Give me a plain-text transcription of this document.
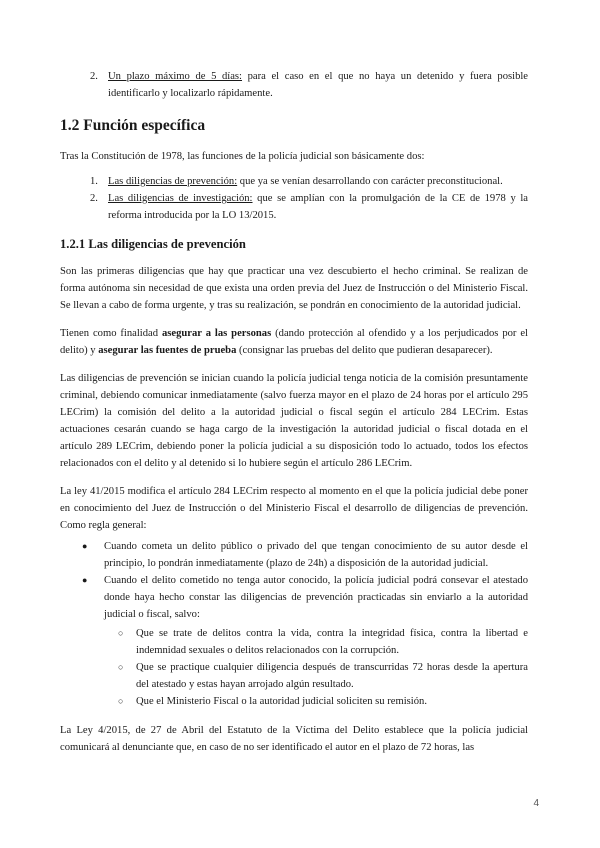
2. Un plazo máximo de 5 días: para el caso en el que no haya un detenido y fuera posible identificarlo y localizarlo rápidamente.

1.2 Función específica

Tras la Constitución de 1978, las funciones de la policía judicial son básicamente dos:

1. Las diligencias de prevención: que ya se venían desarrollando con carácter preconstitucional.

2. Las diligencias de investigación: que se amplían con la promulgación de la CE de 1978 y la reforma introducida por la LO 13/2015.

1.2.1 Las diligencias de prevención

Son las primeras diligencias que hay que practicar una vez descubierto el hecho criminal. Se realizan de forma autónoma sin necesidad de que exista una orden previa del Juez de Instrucción o del Ministerio Fiscal. Se llevan a cabo de forma urgente, y tras su realización, se pondrán en conocimiento de la autoridad judicial.

Tienen como finalidad asegurar a las personas (dando protección al ofendido y a los perjudicados por el delito) y asegurar las fuentes de prueba (consignar las pruebas del delito que pudieran desaparecer).

Las diligencias de prevención se inician cuando la policía judicial tenga noticia de la comisión presuntamente criminal, debiendo comunicar inmediatamente (salvo fuerza mayor en el plazo de 24 horas por el artículo 295 LECrim) la comisión del delito a la autoridad judicial o fiscal según el artículo 284 LECrim. Estas actuaciones cesarán cuando se haga cargo de la investigación la autoridad judicial o fiscal dotada en el artículo 289 LECrim, debiendo poner la policía judicial a su disposición todo lo actuado, todos los efectos relacionados con el delito y al detenido si lo hubiere según el artículo 286 LECrim.

La ley 41/2015 modifica el artículo 284 LECrim respecto al momento en el que la policía judicial debe poner en conocimiento del Juez de Instrucción o del Ministerio Fiscal el desarrollo de diligencias de prevención. Como regla general:

●	Cuando cometa un delito público o privado del que tengan conocimiento de su autor desde el principio, lo pondrán inmediatamente (plazo de 24h) a disposición de la autoridad judicial.

●	Cuando el delito cometido no tenga autor conocido, la policía judicial podrá consevar el atestado donde haya hecho constar las diligencias de prevención practicadas sin enviarlo a la autoridad judicial o fiscal, salvo:

○	Que se trate de delitos contra la vida, contra la integridad física, contra la libertad e indemnidad sexuales o delitos relacionados con la corrupción.

○	Que se practique cualquier diligencia después de transcurridas 72 horas desde la apertura del atestado y estas hayan arrojado algún resultado.

○	Que el Ministerio Fiscal o la autoridad judicial soliciten su remisión.

La Ley 4/2015, de 27 de Abril del Estatuto de la Víctima del Delito establece que la policía judicial comunicará al denunciante que, en caso de no ser identificado el autor en el plazo de 72 horas, las

4
